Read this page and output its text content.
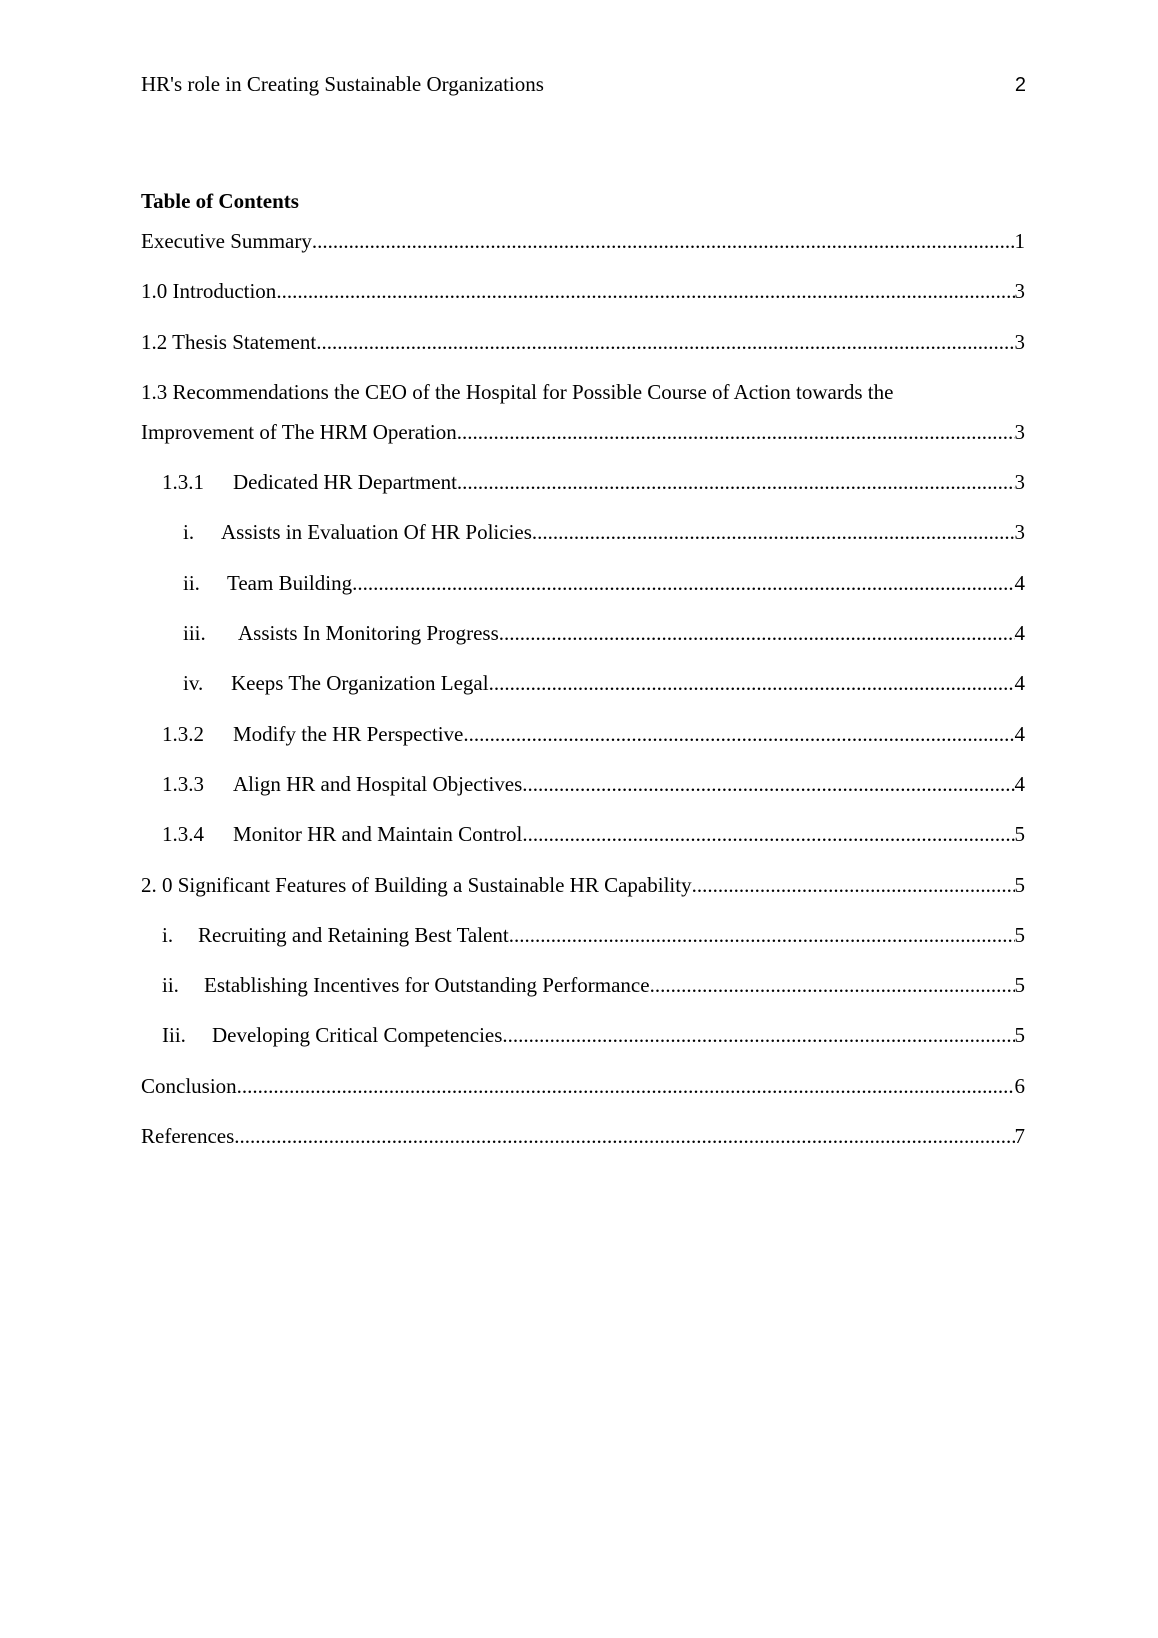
HR's role in Creating Sustainable Organizations	2
Table of Contents
Executive Summary .....	1
1.0 Introduction .....	3
1.2 Thesis Statement .....	3
1.3 Recommendations the CEO of the Hospital for Possible Course of Action towards the
Improvement of The HRM Operation .....	3
1.3.1	Dedicated HR Department .....	3
i.	Assists in Evaluation Of HR Policies .....	3
ii.	Team Building .....	4
iii.	Assists In Monitoring Progress .....	4
iv.	Keeps The Organization Legal .....	4
1.3.2	Modify the HR Perspective .....	4
1.3.3	Align HR and Hospital Objectives .....	4
1.3.4	Monitor HR and Maintain Control .....	5
2. 0 Significant Features of Building a Sustainable HR Capability .....	5
i.	Recruiting and Retaining Best Talent .....	5
ii.	Establishing Incentives for Outstanding Performance .....	5
Iii.	Developing Critical Competencies .....	5
Conclusion .....	6
References .....	7
